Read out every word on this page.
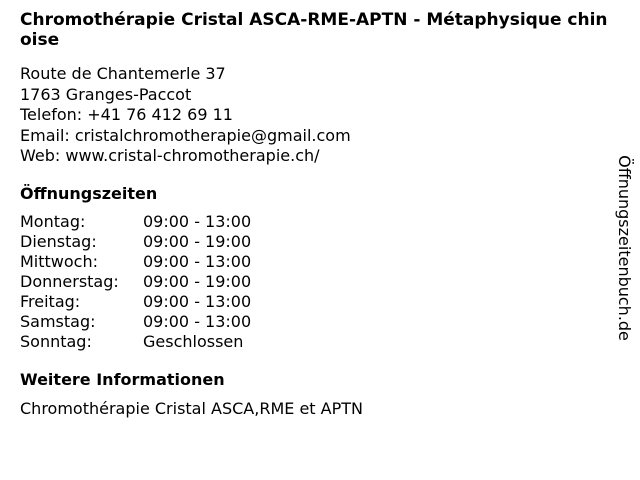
Chromothérapie Cristal ASCA-RME-APTN - Métaphysique chinoise
Route de Chantemerle 37
1763 Granges-Paccot
Telefon: +41 76 412 69 11
Email: cristalchromotherapie@gmail.com
Web: www.cristal-chromotherapie.ch/
Öffnungszeiten
Montag:	09:00 - 13:00
Dienstag:	09:00 - 19:00
Mittwoch:	09:00 - 13:00
Donnerstag:	09:00 - 19:00
Freitag:	09:00 - 13:00
Samstag:	09:00 - 13:00
Sonntag:	Geschlossen
Weitere Informationen
Chromothérapie Cristal ASCA,RME et APTN
Öffnungszeitenbuch.de
